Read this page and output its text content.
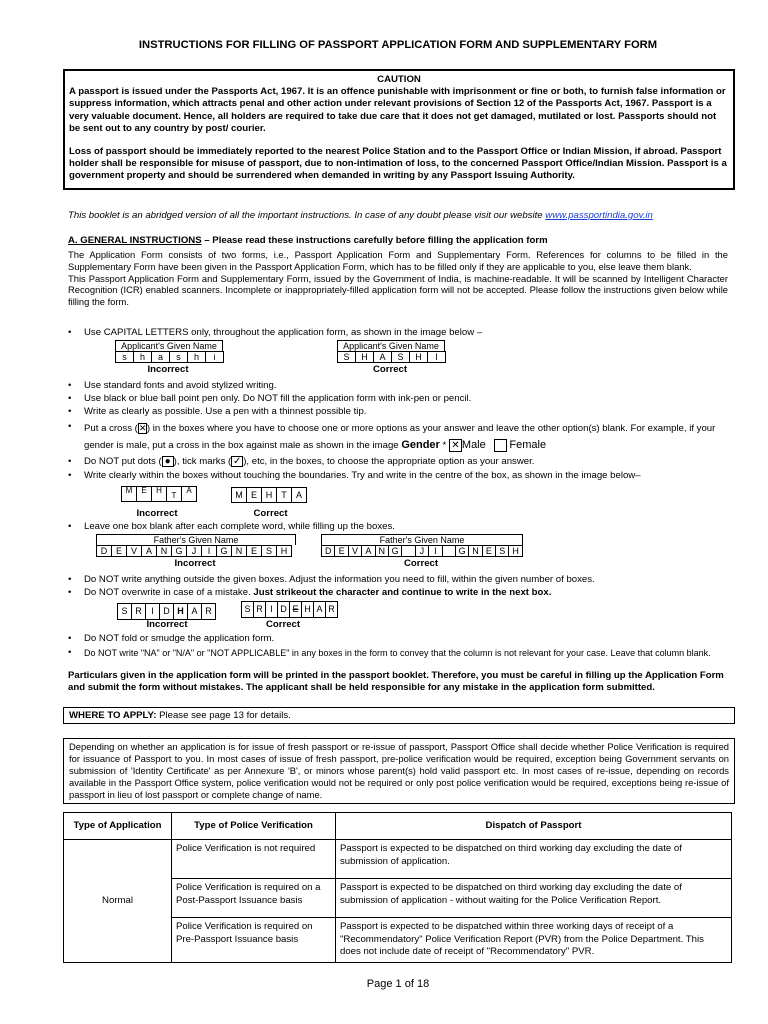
INSTRUCTIONS FOR FILLING OF PASSPORT APPLICATION FORM AND SUPPLEMENTARY FORM
CAUTION

A passport is issued under the Passports Act, 1967. It is an offence punishable with imprisonment or fine or both, to furnish false information or suppress information, which attracts penal and other action under relevant provisions of Section 12 of the Passports Act, 1967. Passport is a very valuable document. Hence, all holders are required to take due care that it does not get damaged, mutilated or lost. Passports should not be sent out to any country by post/ courier.

Loss of passport should be immediately reported to the nearest Police Station and to the Passport Office or Indian Mission, if abroad. Passport holder shall be responsible for misuse of passport, due to non-intimation of loss, to the concerned Passport Office/Indian Mission. Passport is a government property and should be surrendered when demanded in writing by any Passport Issuing Authority.

This booklet is an abridged version of all the important instructions. In case of any doubt please visit our website www.passportindia.gov.in
A. GENERAL INSTRUCTIONS – Please read these instructions carefully before filling the application form

The Application Form consists of two forms, i.e., Passport Application Form and Supplementary Form. References for columns to be filled in the Supplementary Form have been given in the Passport Application Form, which has to be filled only if they are applicable to you, else leave them blank.

This Passport Application Form and Supplementary Form, issued by the Government of India, is machine-readable. It will be scanned by Intelligent Character Recognition (ICR) enabled scanners. Incomplete or inappropriately-filled application form will not be accepted. Please follow the instructions given below while filling the form.

• Use CAPITAL LETTERS only, throughout the application form, as shown in the image below –
Applicant's Given Name
s	h	a	s	h	i
Incorrect
Applicant's Given Name
S	H	A	S	H	I
Correct
• Use standard fonts and avoid stylized writing.
• Use black or blue ball point pen only. Do NOT fill the application form with ink-pen or pencil.
• Write as clearly as possible. Use a pen with a thinnest possible tip.
• Put a cross (✕) in the boxes where you have to choose one or more options as your answer and leave the other option(s) blank. For example, if your gender is male, put a cross in the box against male as shown in the image Gender * ✕ Male Female
• Do NOT put dots ( ● ), tick marks ( ✓ ), etc, in the boxes, to choose the appropriate option as your answer.
• Write clearly within the boxes without touching the boundaries. Try and write in the centre of the box, as shown in the image below–
M	E	H
T
A
Incorrect
M E H	T	A
Correct
• Leave one box blank after each complete word, while filling up the boxes.
Father's Given Name
D E V A N G	J	I	G N E S H
Incorrect
Father's Given Name
D E V A N G	J	I	G N E S H
Correct
• Do NOT write anything outside the given boxes. Adjust the information you need to fill, within the given number of boxes.
• Do NOT overwrite in case of a mistake. Just strikeout the character and continue to write in the next box.
S R	I	D H A R
Incorrect
S R I D E H A R
Correct
• Do NOT fold or smudge the application form.
• Do NOT write "NA" or "N/A" or "NOT APPLICABLE" in any boxes in the form to convey that the column is not relevant for your case. Leave that column blank.
Particulars given in the application form will be printed in the passport booklet. Therefore, you must be careful in filling up the Application Form and submit the form without mistakes. The applicant shall be held responsible for any mistake in the application form submitted.
WHERE TO APPLY: Please see page 13 for details.
Depending on whether an application is for issue of fresh passport or re-issue of passport, Passport Office shall decide whether Police Verification is required for issuance of Passport to you. In most cases of issue of fresh passport, pre-police verification would be required, exception being Government servants on submission of 'Identity Certificate' as per Annexure 'B', or minors whose parent(s) hold valid passport etc. In most cases of re-issue, depending on records available in the Passport Office system, police verification would not be required or only post police verification would be required, exceptions being re-issue of passport in lieu of lost passport or complete change of name.
Type of Application	Type of Police Verification	Dispatch of Passport
Normal	Police Verification is not required	Passport is expected to be dispatched on third working day excluding the date of submission of application.
	Police Verification is required on a Post-Passport Issuance basis	Passport is expected to be dispatched on third working day excluding the date of submission of application - without waiting for the Police Verification Report.
	Police Verification is required on Pre-Passport Issuance basis	Passport is expected to be dispatched within three working days of receipt of a "Recommendatory" Police Verification Report (PVR) from the Police Department. This does not include date of receipt of "Recommendatory" PVR.
Page 1 of 18
